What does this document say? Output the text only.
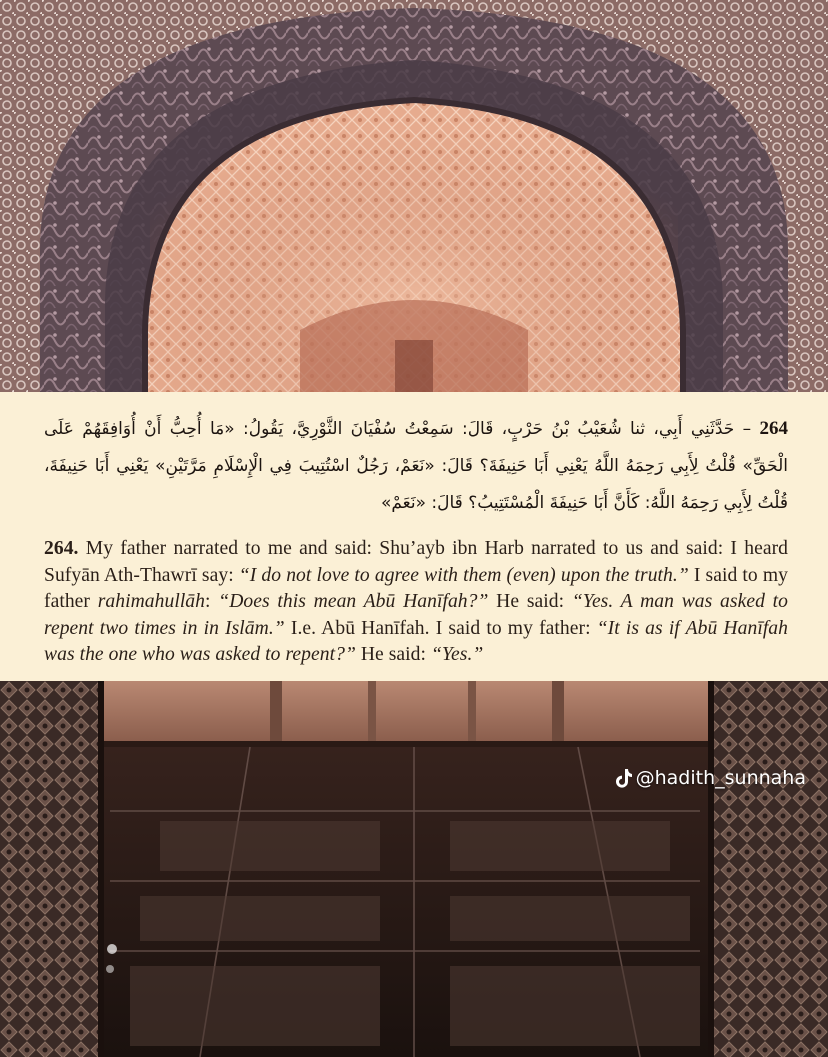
264 – حَدَّثَنِي أَبِي، ثنا شُعَيْبُ بْنُ حَرْبٍ، قَالَ: سَمِعْتُ سُفْيَانَ الثَّوْرِيَّ، يَقُولُ: «مَا أُحِبُّ أَنْ أُوَافِقَهُمْ عَلَى الْحَقِّ» قُلْتُ لِأَبِي رَحِمَهُ اللَّهُ يَعْنِي أَبَا حَنِيفَةَ؟ قَالَ: «نَعَمْ، رَجُلٌ اسْتُتِيبَ فِي الْإِسْلَامِ مَرَّتَيْنِ» يَعْنِي أَبَا حَنِيفَةَ، قُلْتُ لِأَبِي رَحِمَهُ اللَّهُ: كَأَنَّ أَبَا حَنِيفَةَ الْمُسْتَتِيبُ؟ قَالَ: «نَعَمْ»
264. My father narrated to me and said: Shu’ayb ibn Harb narrated to us and said: I heard Sufyān Ath-Thawrī say: “I do not love to agree with them (even) upon the truth.” I said to my father rahimahullāh: “Does this mean Abū Hanīfah?” He said: “Yes. A man was asked to repent two times in in Islām.” I.e. Abū Hanīfah. I said to my father: “It is as if Abū Hanīfah was the one who was asked to repent?” He said: “Yes.”
@hadith_sunnaha
